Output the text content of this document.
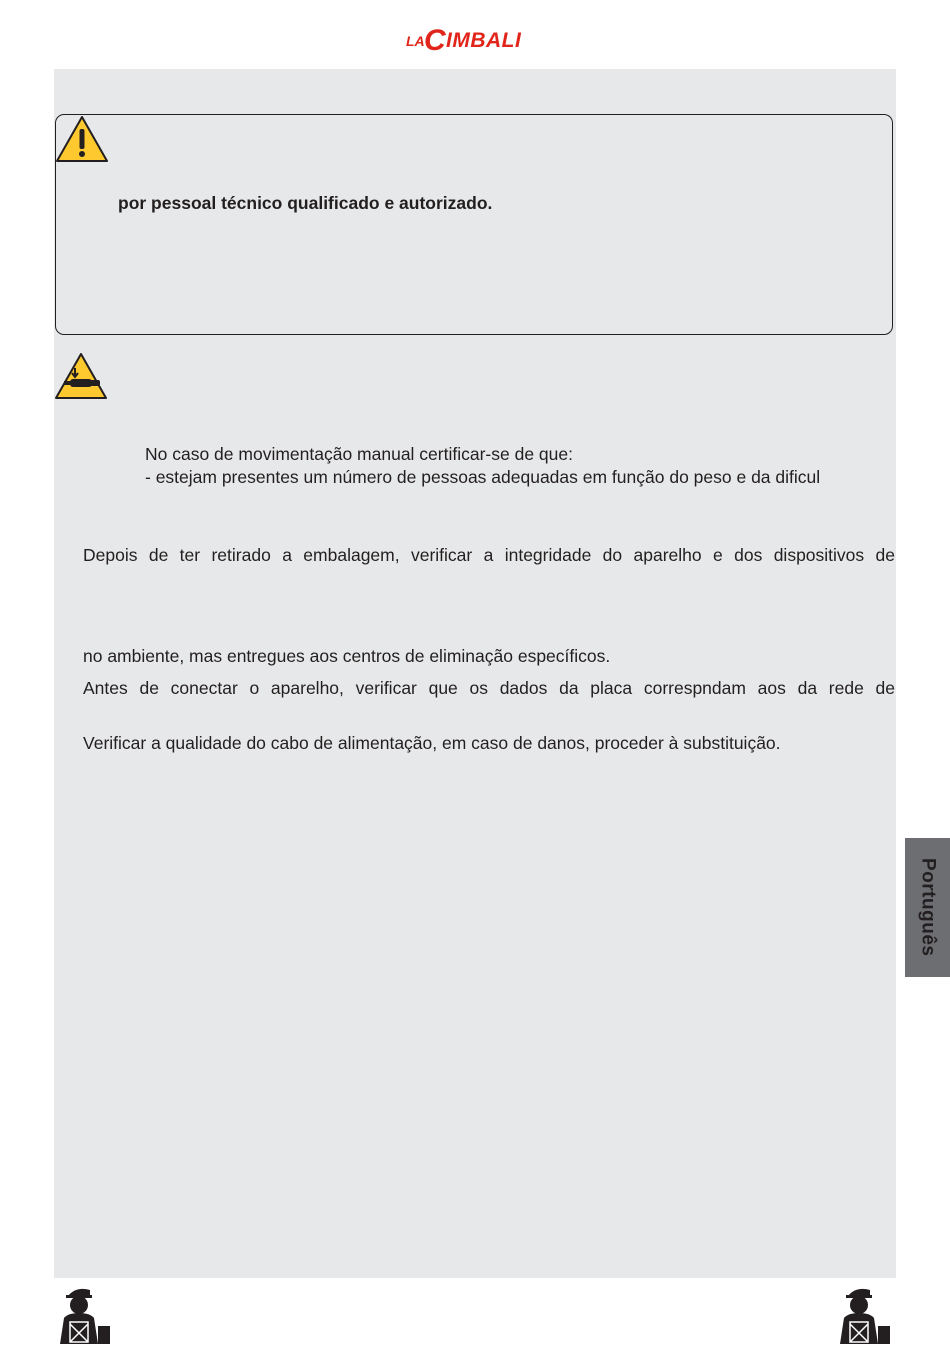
LA C IMBALI
por pessoal técnico qualificado e autorizado.
No caso de movimentação manual certificar-se de que:
- estejam presentes um número de pessoas adequadas em função do peso e da dificul
Depois de ter retirado a embalagem, verificar a integridade do aparelho e dos dispositivos de
no ambiente, mas entregues aos centros de eliminação específicos.
Antes de conectar o aparelho, verificar que os dados da placa correspndam aos da rede de
Verificar a qualidade do cabo de alimentação, em caso de danos, proceder à substituição.
Português
